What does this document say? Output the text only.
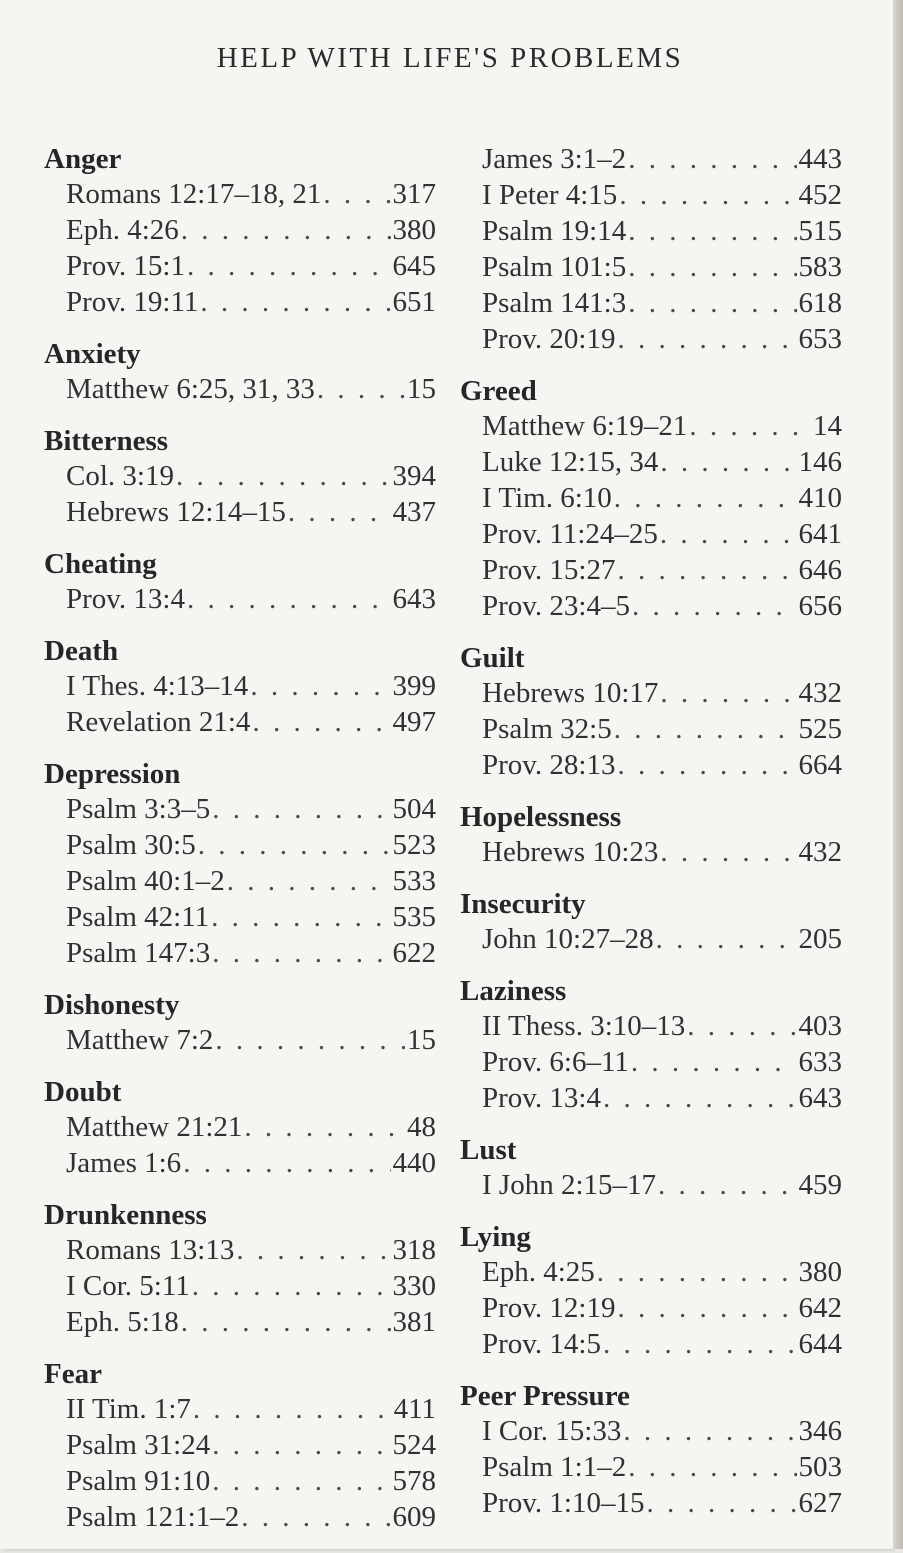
HELP WITH LIFE'S PROBLEMS
Anger
Romans 12:17–18, 21 . . . 317
Eph. 4:26 . . .	380
Prov. 15:1 . . .	645
Prov. 19:11 . . .	651
Anxiety
Matthew 6:25, 31, 33 . . .	15
Bitterness
Col. 3:19 . . .	394
Hebrews 12:14–15 . . .	437
Cheating
Prov. 13:4 . . .	643
Death
I Thes. 4:13–14 . . .	399
Revelation 21:4 . . .	497
Depression
Psalm 3:3–5 . . .	504
Psalm 30:5 . . .	523
Psalm 40:1–2 . . .	533
Psalm 42:11 . . .	535
Psalm 147:3 . . .	622
Dishonesty
Matthew 7:2 . . .	15
Doubt
Matthew 21:21 . . .	48
James 1:6 . . .	440
Drunkenness
Romans 13:13 . . .	318
I Cor. 5:11 . . .	330
Eph. 5:18 . . .	381
Fear
II Tim. 1:7 . . .	411
Psalm 31:24 . . .	524
Psalm 91:10 . . .	578
Psalm 121:1–2 . . .	609
James 3:1–2 . . .	443
I Peter 4:15 . . .	452
Psalm 19:14 . . .	515
Psalm 101:5 . . .	583
Psalm 141:3 . . .	618
Prov. 20:19 . . .	653
Greed
Matthew 6:19–21 . . .	14
Luke 12:15, 34 . . .	146
I Tim. 6:10 . . .	410
Prov. 11:24–25 . . .	641
Prov. 15:27 . . .	646
Prov. 23:4–5 . . .	656
Guilt
Hebrews 10:17 . . .	432
Psalm 32:5 . . .	525
Prov. 28:13 . . .	664
Hopelessness
Hebrews 10:23 . . .	432
Insecurity
John 10:27–28 . . .	205
Laziness
II Thess. 3:10–13 . . .	403
Prov. 6:6–11 . . .	633
Prov. 13:4 . . .	643
Lust
I John 2:15–17 . . .	459
Lying
Eph. 4:25 . . .	380
Prov. 12:19 . . .	642
Prov. 14:5 . . .	644
Peer Pressure
I Cor. 15:33 . . .	346
Psalm 1:1–2 . . .	503
Prov. 1:10–15 . . .	627
